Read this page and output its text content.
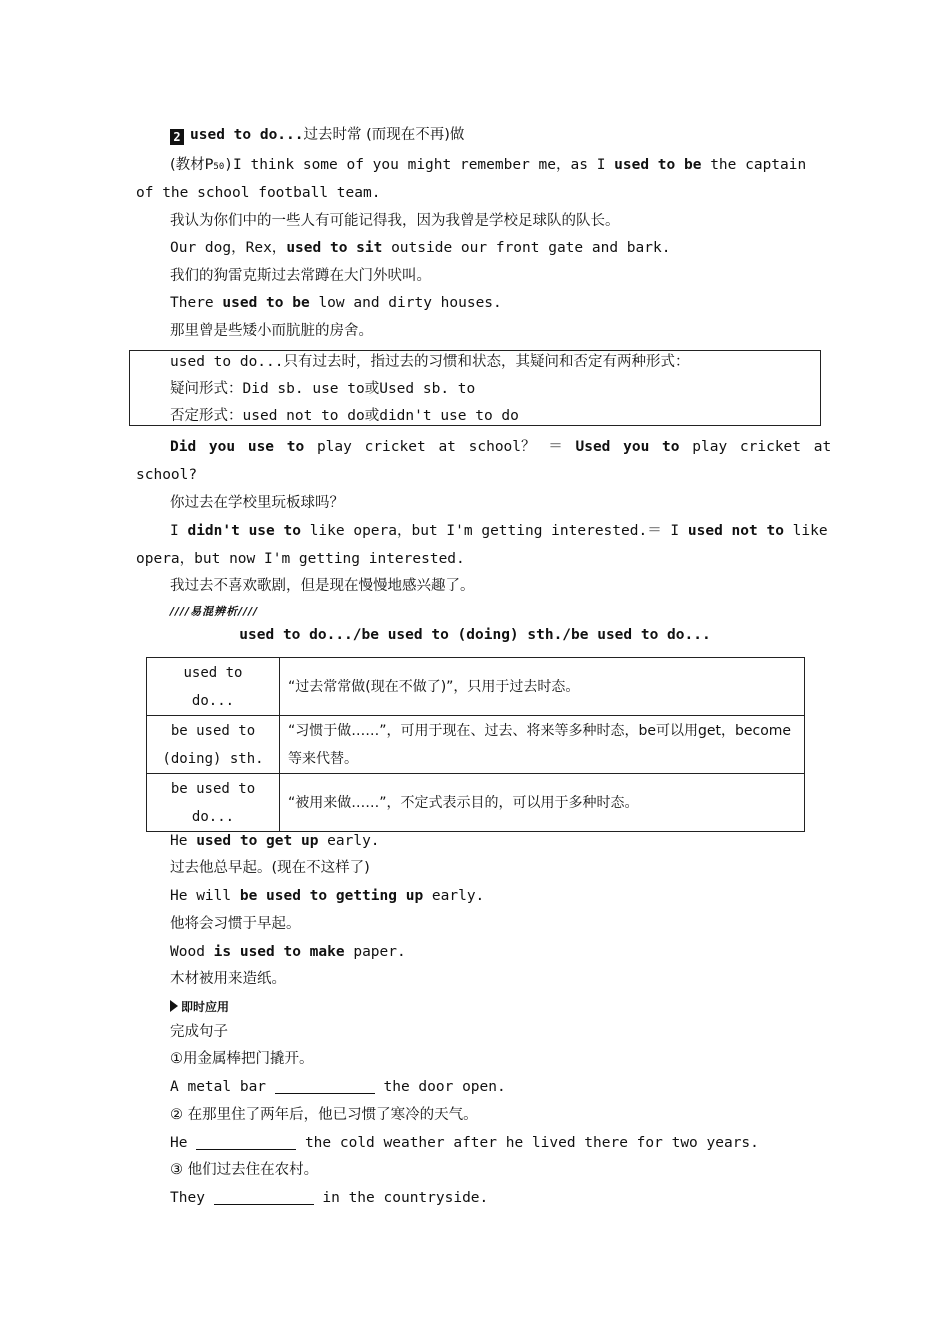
2 used to do...过去时常 (而现在不再)做
(教材P50)I think some of you might remember me，as I used to be the captain
of the school football team.
我认为你们中的一些人有可能记得我，因为我曾是学校足球队的队长。
Our dog，Rex，used to sit outside our front gate and bark.
我们的狗雷克斯过去常蹲在大门外吠叫。
There used to be low and dirty houses.
那里曾是些矮小而肮脏的房舍。
used to do...只有过去时，指过去的习惯和状态，其疑问和否定有两种形式：
疑问形式：Did sb. use to或Used sb. to
否定形式：used not to do或didn't use to do
Did you use to play cricket at school？ ＝ Used you to play cricket at
school?
你过去在学校里玩板球吗？
I didn't use to like opera，but I'm getting interested.＝ I used not to like
opera，but now I'm getting interested.
我过去不喜欢歌剧，但是现在慢慢地感兴趣了。
////易混辨析////
used to do.../be used to (doing) sth./be used to do...
used to
do...	“过去常常做(现在不做了)”，只用于过去时态。

be used to
(doing) sth.	“习惯于做……”，可用于现在、过去、将来等多种时态，be可以用get，become等来代替。

be used to
do...	“被用来做……”，不定式表示目的，可以用于多种时态。
He used to get up early.
过去他总早起。(现在不这样了)
He will be used to getting up early.
他将会习惯于早起。
Wood is used to make paper.
木材被用来造纸。
即时应用
完成句子
①用金属棒把门撬开。
A metal bar	the door open.
② 在那里住了两年后，他已习惯了寒冷的天气。
He	the cold weather after he lived there for two years.
③ 他们过去住在农村。
They	in the countryside.
